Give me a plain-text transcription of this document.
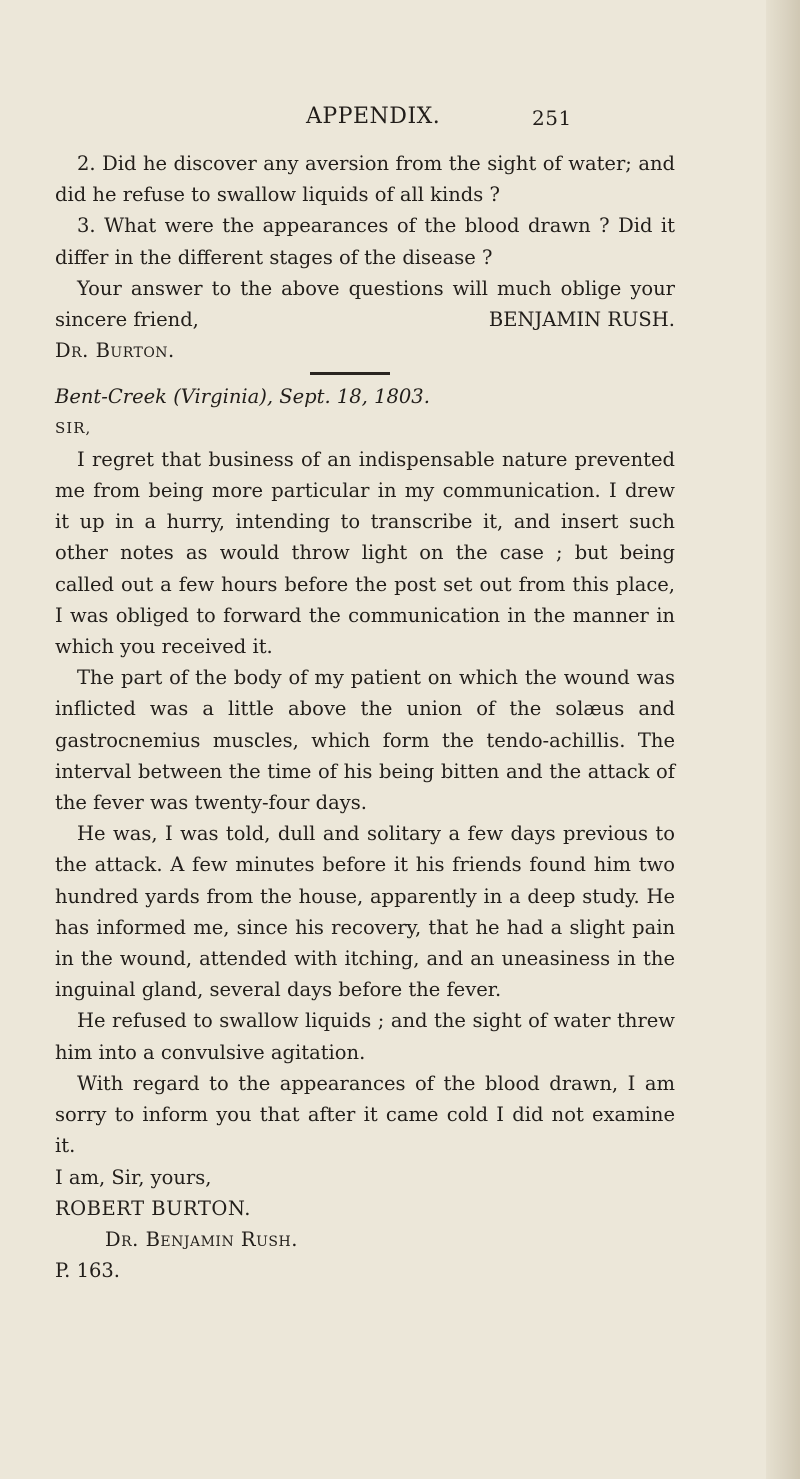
APPENDIX.	251

2. Did he discover any aversion from the sight of water; and did he refuse to swallow liquids of all kinds ?

3. What were the appearances of the blood drawn ? Did it differ in the different stages of the disease ?

Your answer to the above questions will much oblige your sincere friend,	BENJAMIN RUSH.

Dr. Burton.

Bent-Creek (Virginia), Sept. 18, 1803.

SIR,

I regret that business of an indispensable nature prevented me from being more particular in my communication. I drew it up in a hurry, intending to transcribe it, and insert such other notes as would throw light on the case ; but being called out a few hours before the post set out from this place, I was obliged to forward the communication in the manner in which you received it.

The part of the body of my patient on which the wound was inflicted was a little above the union of the solæus and gastrocnemius muscles, which form the tendo-achillis. The interval between the time of his being bitten and the attack of the fever was twenty-four days.

He was, I was told, dull and solitary a few days previous to the attack. A few minutes before it his friends found him two hundred yards from the house, apparently in a deep study. He has informed me, since his recovery, that he had a slight pain in the wound, attended with itching, and an uneasiness in the inguinal gland, several days before the fever.

He refused to swallow liquids ; and the sight of water threw him into a convulsive agitation.

With regard to the appearances of the blood drawn, I am sorry to inform you that after it came cold I did not examine it.

I am, Sir, yours,

ROBERT BURTON.

Dr. Benjamin Rush.

P. 163.
